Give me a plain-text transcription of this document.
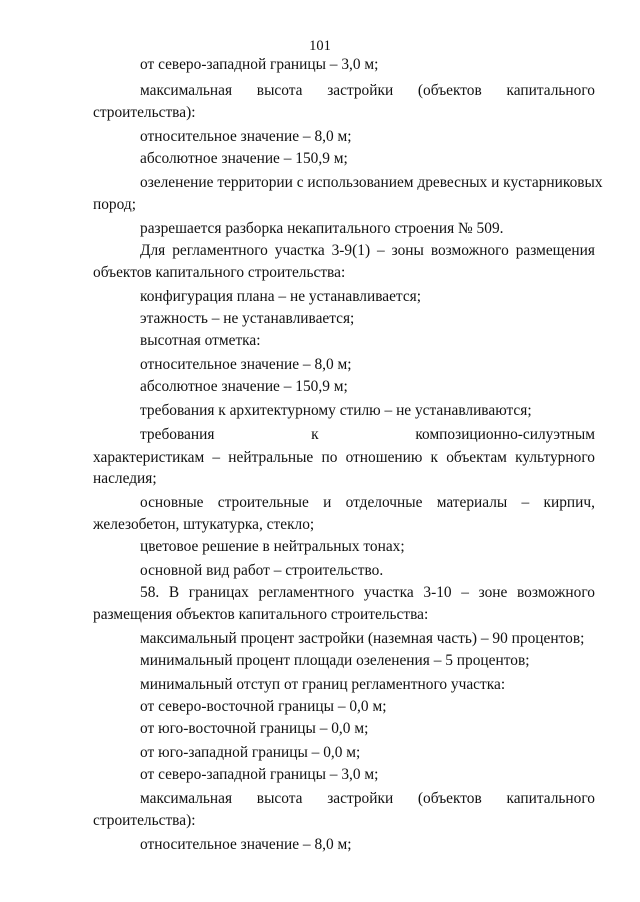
101
от северо-западной границы – 3,0 м;
максимальная высота застройки (объектов капитального
строительства):
относительное значение – 8,0 м;
абсолютное значение – 150,9 м;
озеленение территории с использованием древесных и кустарниковых
пород;
разрешается разборка некапитального строения № 509.
Для регламентного участка 3-9(1) – зоны возможного размещения
объектов капитального строительства:
конфигурация плана – не устанавливается;
этажность – не устанавливается;
высотная отметка:
относительное значение – 8,0 м;
абсолютное значение – 150,9 м;
требования к архитектурному стилю – не устанавливаются;
требования	к	композиционно-силуэтным
характеристикам – нейтральные по отношению к объектам культурного
наследия;
основные строительные и отделочные материалы – кирпич,
железобетон, штукатурка, стекло;
цветовое решение в нейтральных тонах;
основной вид работ – строительство.
58. В границах регламентного участка 3-10 – зоне возможного
размещения объектов капитального строительства:
максимальный процент застройки (наземная часть) – 90 процентов;
минимальный процент площади озеленения – 5 процентов;
минимальный отступ от границ регламентного участка:
от северо-восточной границы – 0,0 м;
от юго-восточной границы – 0,0 м;
от юго-западной границы – 0,0 м;
от северо-западной границы – 3,0 м;
максимальная высота застройки (объектов капитального
строительства):
относительное значение – 8,0 м;
